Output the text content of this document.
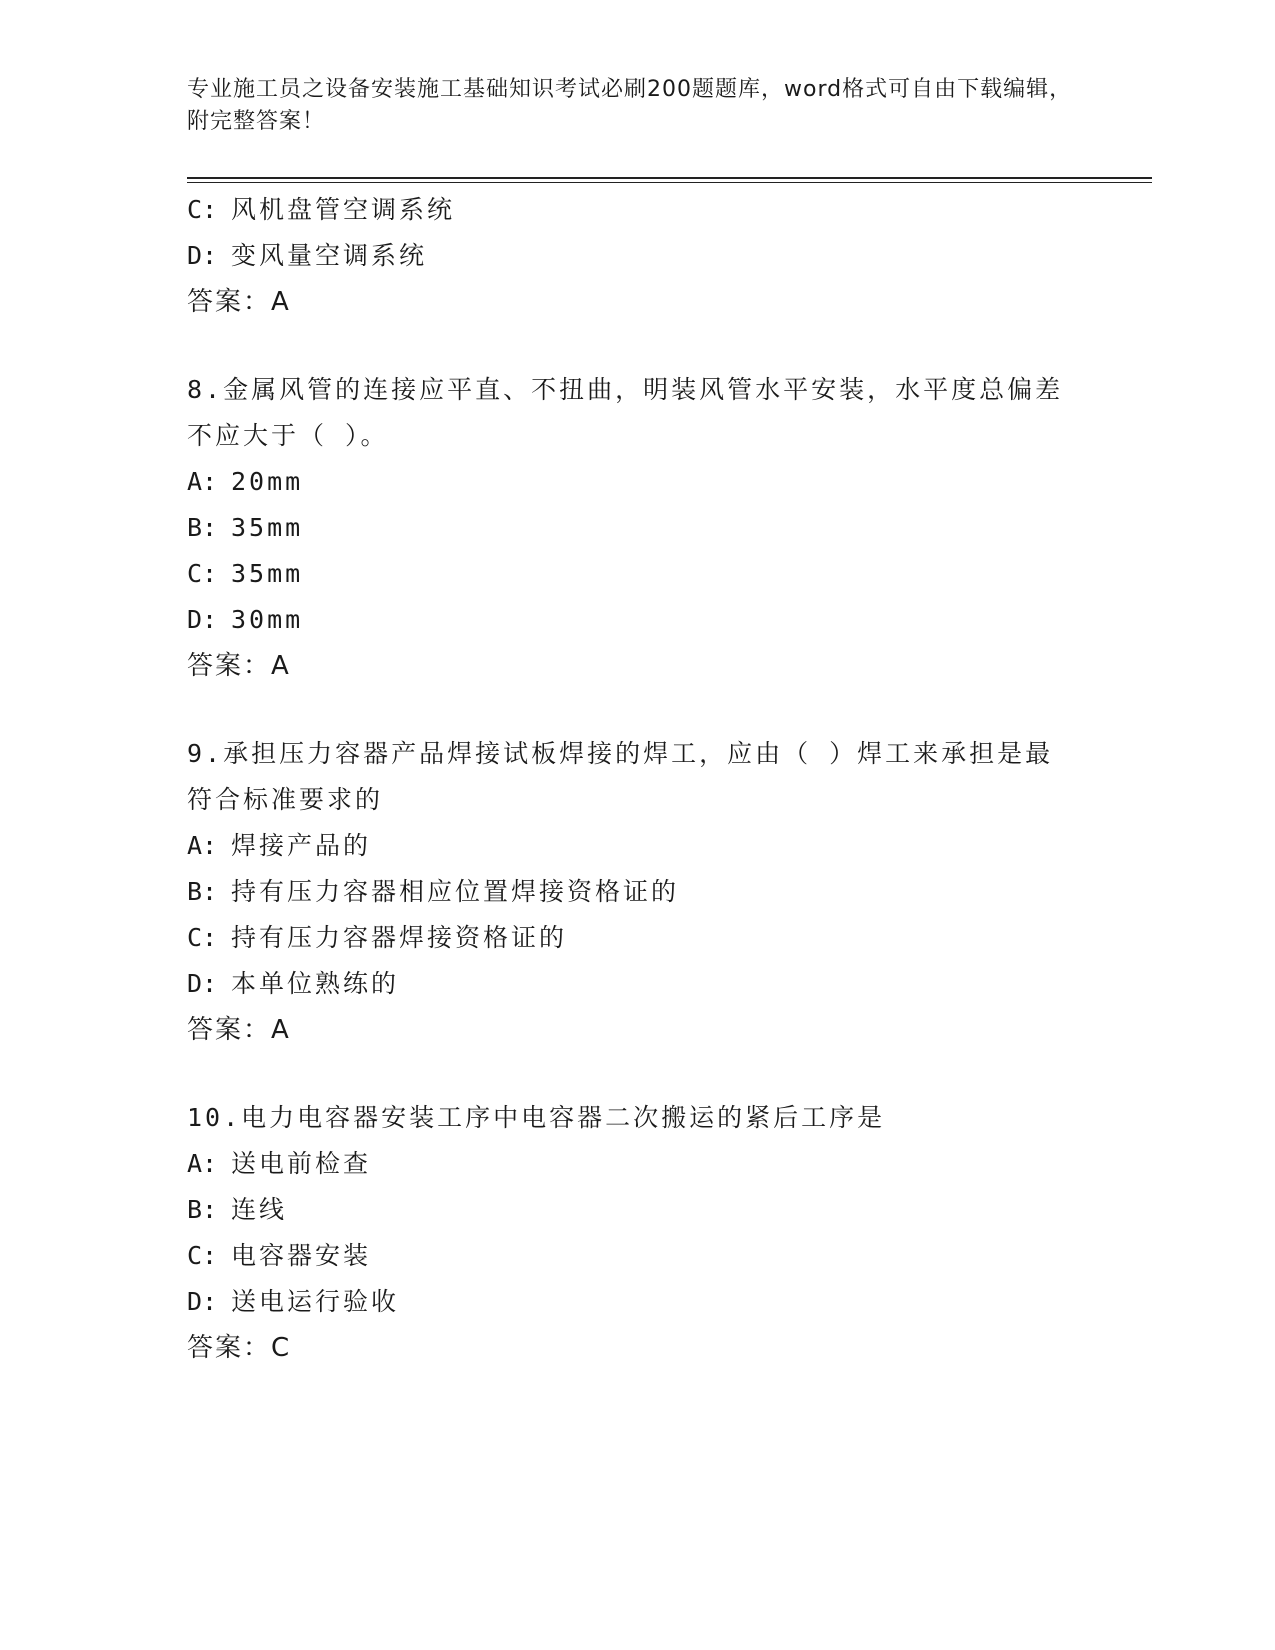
专业施工员之设备安装施工基础知识考试必刷200题题库，word格式可自由下载编辑，附完整答案！
C: 风机盘管空调系统
D: 变风量空调系统
答案：A
8.金属风管的连接应平直、不扭曲，明装风管水平安装，水平度总偏差不应大于（ ）。
A: 20mm
B: 35mm
C: 35mm
D: 30mm
答案：A
9.承担压力容器产品焊接试板焊接的焊工，应由（ ）焊工来承担是最符合标准要求的
A: 焊接产品的
B: 持有压力容器相应位置焊接资格证的
C: 持有压力容器焊接资格证的
D: 本单位熟练的
答案：A
10.电力电容器安装工序中电容器二次搬运的紧后工序是
A: 送电前检查
B: 连线
C: 电容器安装
D: 送电运行验收
答案：C
